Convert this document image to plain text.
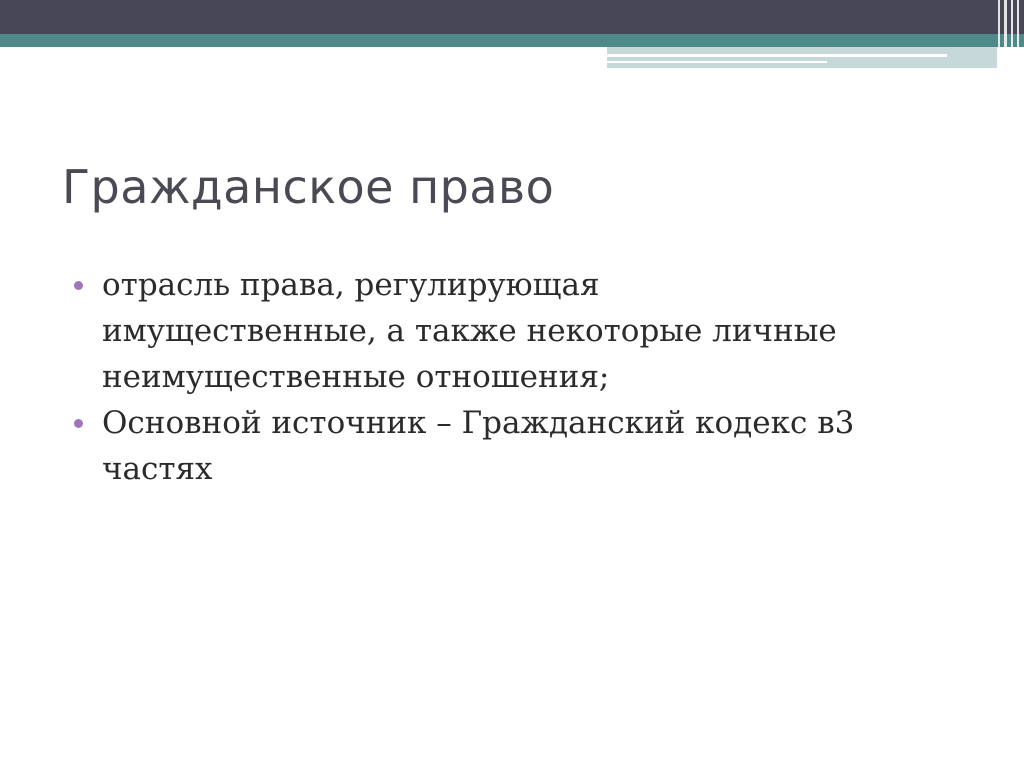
Гражданское право
отрасль права, регулирующая
имущественные, а также некоторые личные
неимущественные отношения;
Основной источник – Гражданский кодекс в3
частях
